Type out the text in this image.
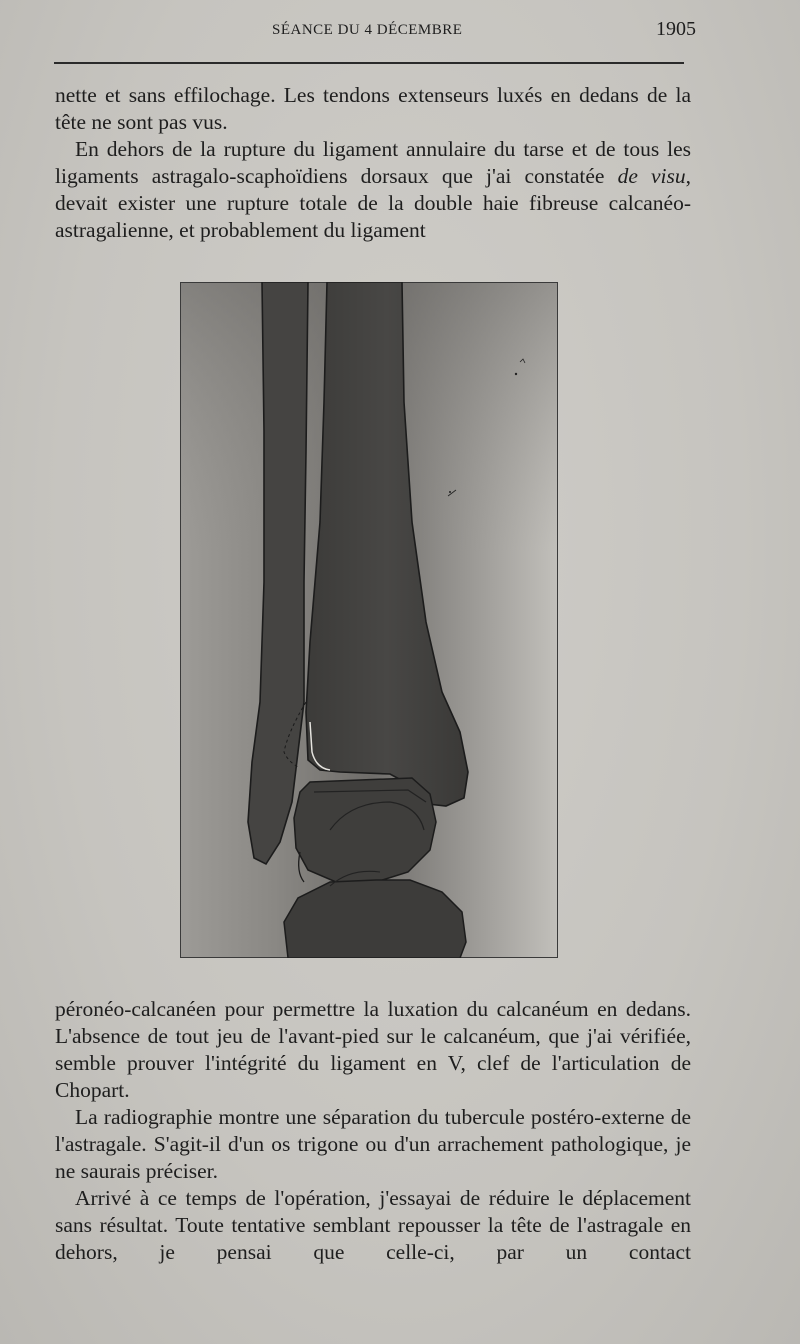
SÉANCE DU 4 DÉCEMBRE	1905

nette et sans effilochage. Les tendons extenseurs luxés en dedans de la tête ne sont pas vus.

En dehors de la rupture du ligament annulaire du tarse et de tous les ligaments astragalo-scaphoïdiens dorsaux que j'ai constatée de visu, devait exister une rupture totale de la double haie fibreuse calcanéo-astragalienne, et probablement du ligament

péronéo-calcanéen pour permettre la luxation du calcanéum en dedans. L'absence de tout jeu de l'avant-pied sur le calcanéum, que j'ai vérifiée, semble prouver l'intégrité du ligament en V, clef de l'articulation de Chopart.

La radiographie montre une séparation du tubercule postéro-externe de l'astragale. S'agit-il d'un os trigone ou d'un arrachement pathologique, je ne saurais préciser.

Arrivé à ce temps de l'opération, j'essayai de réduire le déplacement sans résultat. Toute tentative semblant repousser la tête de l'astragale en dehors, je pensai que celle-ci, par un contact
